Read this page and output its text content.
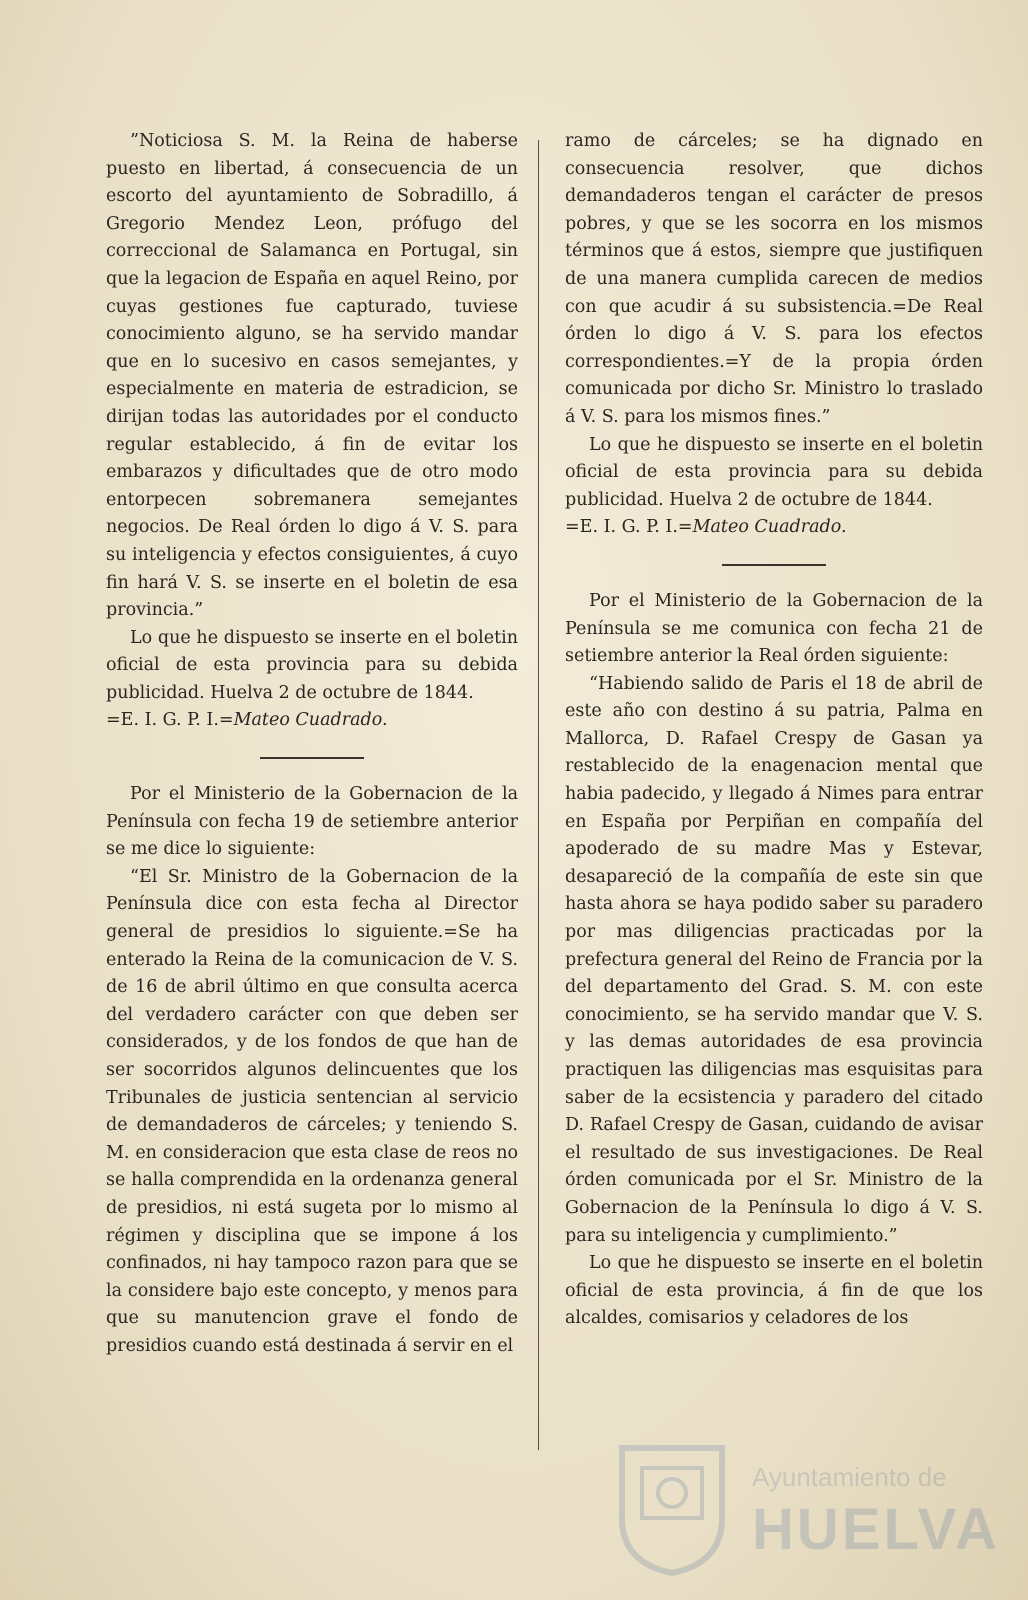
”Noticiosa S. M. la Reina de haberse puesto en libertad, á consecuencia de un escorto del ayuntamiento de Sobradillo, á Gregorio Mendez Leon, prófugo del correccional de Salamanca en Portugal, sin que la legacion de España en aquel Reino, por cuyas gestiones fue capturado, tuviese conocimiento alguno, se ha servido mandar que en lo sucesivo en casos semejantes, y especialmente en materia de estradicion, se dirijan todas las autoridades por el conducto regular establecido, á fin de evitar los embarazos y dificultades que de otro modo entorpecen sobremanera semejantes negocios. De Real órden lo digo á V. S. para su inteligencia y efectos consiguientes, á cuyo fin hará V. S. se inserte en el boletin de esa provincia.”

Lo que he dispuesto se inserte en el boletin oficial de esta provincia para su debida publicidad. Huelva 2 de octubre de 1844.

=E. I. G. P. I.=Mateo Cuadrado.

Por el Ministerio de la Gobernacion de la Península con fecha 19 de setiembre anterior se me dice lo siguiente:

“El Sr. Ministro de la Gobernacion de la Península dice con esta fecha al Director general de presidios lo siguiente.=Se ha enterado la Reina de la comunicacion de V. S. de 16 de abril último en que consulta acerca del verdadero carácter con que deben ser considerados, y de los fondos de que han de ser socorridos algunos delincuentes que los Tribunales de justicia sentencian al servicio de demandaderos de cárceles; y teniendo S. M. en consideracion que esta clase de reos no se halla comprendida en la ordenanza general de presidios, ni está sugeta por lo mismo al régimen y disciplina que se impone á los confinados, ni hay tampoco razon para que se la considere bajo este concepto, y menos para que su manutencion grave el fondo de presidios cuando está destinada á servir en el

ramo de cárceles; se ha dignado en consecuencia resolver, que dichos demandaderos tengan el carácter de presos pobres, y que se les socorra en los mismos términos que á estos, siempre que justifiquen de una manera cumplida carecen de medios con que acudir á su subsistencia.=De Real órden lo digo á V. S. para los efectos correspondientes.=Y de la propia órden comunicada por dicho Sr. Ministro lo traslado á V. S. para los mismos fines.”

Lo que he dispuesto se inserte en el boletin oficial de esta provincia para su debida publicidad. Huelva 2 de octubre de 1844.

=E. I. G. P. I.=Mateo Cuadrado.

Por el Ministerio de la Gobernacion de la Península se me comunica con fecha 21 de setiembre anterior la Real órden siguiente:

“Habiendo salido de Paris el 18 de abril de este año con destino á su patria, Palma en Mallorca, D. Rafael Crespy de Gasan ya restablecido de la enagenacion mental que habia padecido, y llegado á Nimes para entrar en España por Perpiñan en compañía del apoderado de su madre Mas y Estevar, desapareció de la compañía de este sin que hasta ahora se haya podido saber su paradero por mas diligencias practicadas por la prefectura general del Reino de Francia por la del departamento del Grad. S. M. con este conocimiento, se ha servido mandar que V. S. y las demas autoridades de esa provincia practiquen las diligencias mas esquisitas para saber de la ecsistencia y paradero del citado D. Rafael Crespy de Gasan, cuidando de avisar el resultado de sus investigaciones. De Real órden comunicada por el Sr. Ministro de la Gobernacion de la Península lo digo á V. S. para su inteligencia y cumplimiento.”

Lo que he dispuesto se inserte en el boletin oficial de esta provincia, á fin de que los alcaldes, comisarios y celadores de los

Ayuntamiento de
HUELVA
